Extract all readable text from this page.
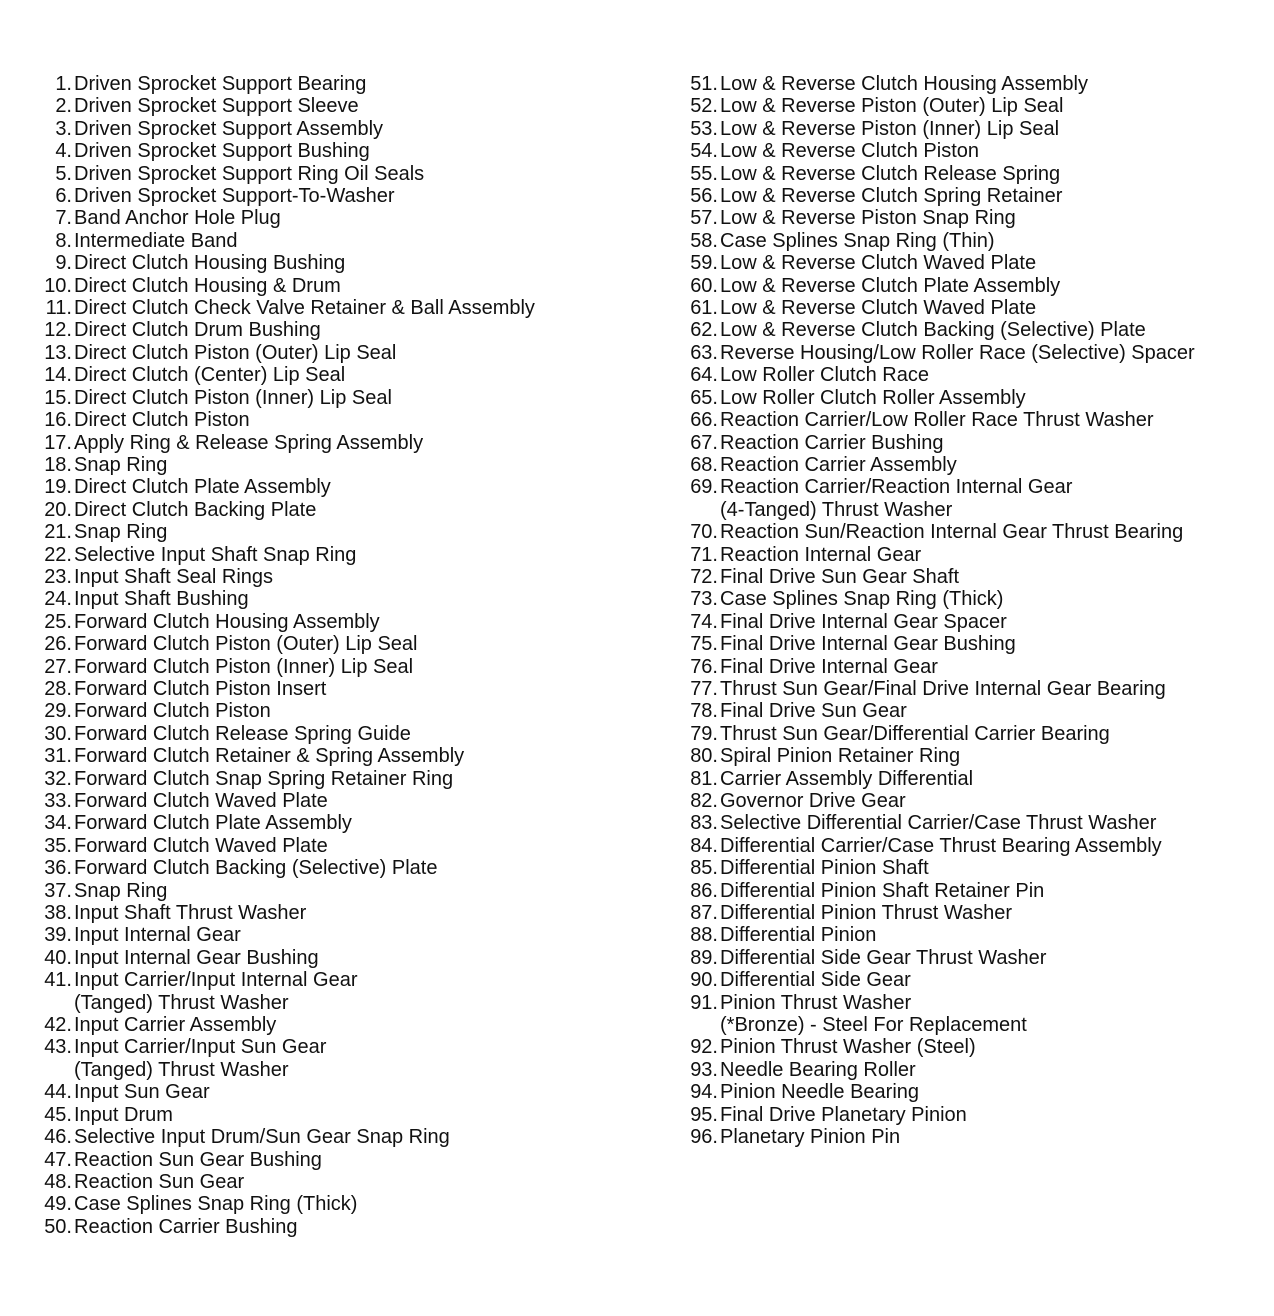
1. Driven Sprocket Support Bearing
2. Driven Sprocket Support Sleeve
3. Driven Sprocket Support Assembly
4. Driven Sprocket Support Bushing
5. Driven Sprocket Support Ring Oil Seals
6. Driven Sprocket Support-To-Washer
7. Band Anchor Hole Plug
8. Intermediate Band
9. Direct Clutch Housing Bushing
10. Direct Clutch Housing & Drum
11. Direct Clutch Check Valve Retainer & Ball Assembly
12. Direct Clutch Drum Bushing
13. Direct Clutch Piston (Outer) Lip Seal
14. Direct Clutch (Center) Lip Seal
15. Direct Clutch Piston (Inner) Lip Seal
16. Direct Clutch Piston
17. Apply Ring & Release Spring Assembly
18. Snap Ring
19. Direct Clutch Plate Assembly
20. Direct Clutch Backing Plate
21. Snap Ring
22. Selective Input Shaft Snap Ring
23. Input Shaft Seal Rings
24. Input Shaft Bushing
25. Forward Clutch Housing Assembly
26. Forward Clutch Piston (Outer) Lip Seal
27. Forward Clutch Piston (Inner) Lip Seal
28. Forward Clutch Piston Insert
29. Forward Clutch Piston
30. Forward Clutch Release Spring Guide
31. Forward Clutch Retainer & Spring Assembly
32. Forward Clutch Snap Spring Retainer Ring
33. Forward Clutch Waved Plate
34. Forward Clutch Plate Assembly
35. Forward Clutch Waved Plate
36. Forward Clutch Backing (Selective) Plate
37. Snap Ring
38. Input Shaft Thrust Washer
39. Input Internal Gear
40. Input Internal Gear Bushing
41. Input Carrier/Input Internal Gear
(Tanged) Thrust Washer
42. Input Carrier Assembly
43. Input Carrier/Input Sun Gear
(Tanged) Thrust Washer
44. Input Sun Gear
45. Input Drum
46. Selective Input Drum/Sun Gear Snap Ring
47. Reaction Sun Gear Bushing
48. Reaction Sun Gear
49. Case Splines Snap Ring (Thick)
50. Reaction Carrier Bushing
51. Low & Reverse Clutch Housing Assembly
52. Low & Reverse Piston (Outer) Lip Seal
53. Low & Reverse Piston (Inner) Lip Seal
54. Low & Reverse Clutch Piston
55. Low & Reverse Clutch Release Spring
56. Low & Reverse Clutch Spring Retainer
57. Low & Reverse Piston Snap Ring
58. Case Splines Snap Ring (Thin)
59. Low & Reverse Clutch Waved Plate
60. Low & Reverse Clutch Plate Assembly
61. Low & Reverse Clutch Waved Plate
62. Low & Reverse Clutch Backing (Selective) Plate
63. Reverse Housing/Low Roller Race (Selective) Spacer
64. Low Roller Clutch Race
65. Low Roller Clutch Roller Assembly
66. Reaction Carrier/Low Roller Race Thrust Washer
67. Reaction Carrier Bushing
68. Reaction Carrier Assembly
69. Reaction Carrier/Reaction Internal Gear
(4-Tanged) Thrust Washer
70. Reaction Sun/Reaction Internal Gear Thrust Bearing
71. Reaction Internal Gear
72. Final Drive Sun Gear Shaft
73. Case Splines Snap Ring (Thick)
74. Final Drive Internal Gear Spacer
75. Final Drive Internal Gear Bushing
76. Final Drive Internal Gear
77. Thrust Sun Gear/Final Drive Internal Gear Bearing
78. Final Drive Sun Gear
79. Thrust Sun Gear/Differential Carrier Bearing
80. Spiral Pinion Retainer Ring
81. Carrier Assembly Differential
82. Governor Drive Gear
83. Selective Differential Carrier/Case Thrust Washer
84. Differential Carrier/Case Thrust Bearing Assembly
85. Differential Pinion Shaft
86. Differential Pinion Shaft Retainer Pin
87. Differential Pinion Thrust Washer
88. Differential Pinion
89. Differential Side Gear Thrust Washer
90. Differential Side Gear
91. Pinion Thrust Washer
(*Bronze) - Steel For Replacement
92. Pinion Thrust Washer (Steel)
93. Needle Bearing Roller
94. Pinion Needle Bearing
95. Final Drive Planetary Pinion
96. Planetary Pinion Pin
